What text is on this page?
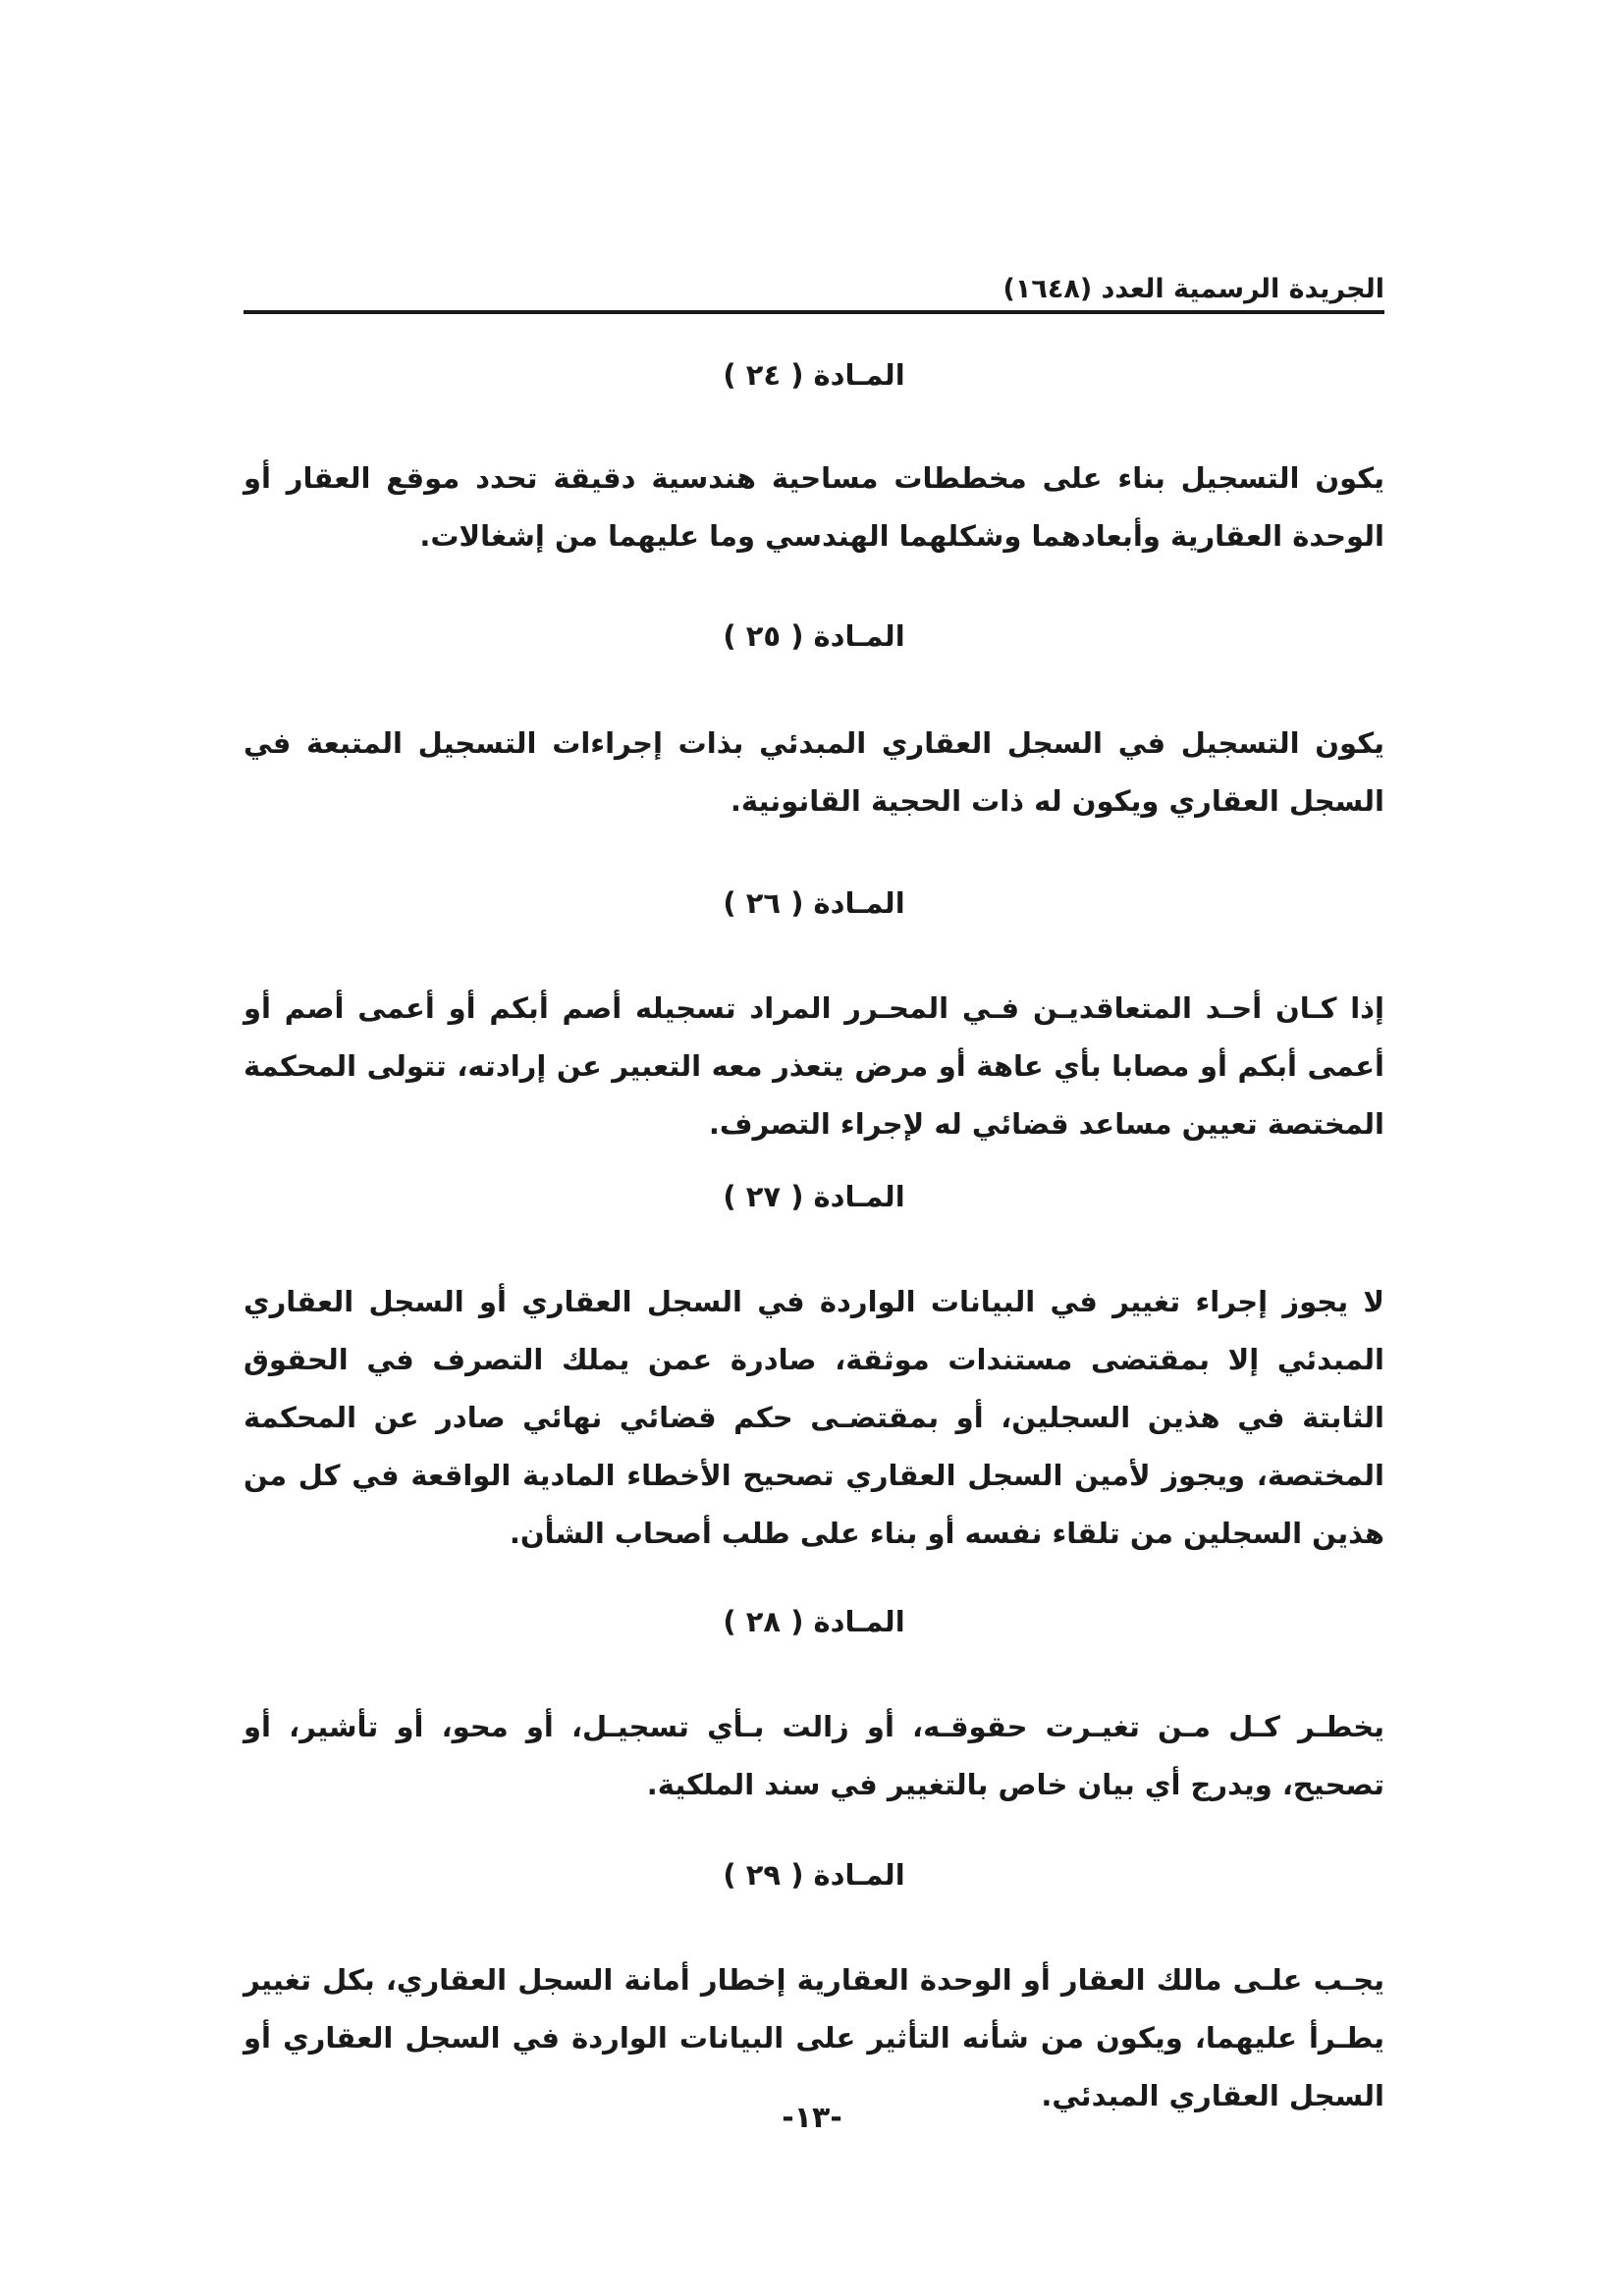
الجريدة الرسمية العدد (١٦٤٨)
المـادة ( ٢٤ )

يكون التسجيل بناء على مخططات مساحية هندسية دقيقة تحدد موقع العقار أو الوحدة العقارية وأبعادهما وشكلهما الهندسي وما عليهما من إشغالات.

المـادة ( ٢٥ )

يكون التسجيل في السجل العقاري المبدئي بذات إجراءات التسجيل المتبعة في السجل العقاري ويكون له ذات الحجية القانونية.

المـادة ( ٢٦ )

إذا كـان أحـد المتعاقديـن فـي المحـرر المراد تسجيله أصم أبكم أو أعمى أصم أو أعمى أبكم أو مصابا بأي عاهة أو مرض يتعذر معه التعبير عن إرادته، تتولى المحكمة المختصة تعيين مساعد قضائي له لإجراء التصرف.

المـادة ( ٢٧ )

لا يجوز إجراء تغيير في البيانات الواردة في السجل العقاري أو السجل العقاري المبدئي إلا بمقتضى مستندات موثقة، صادرة عمن يملك التصرف في الحقوق الثابتة في هذين السجلين، أو بمقتضـى حكم قضائي نهائي صادر عن المحكمة المختصة، ويجوز لأمين السجل العقاري تصحيح الأخطاء المادية الواقعة في كل من هذين السجلين من تلقاء نفسه أو بناء على طلب أصحاب الشأن.

المـادة ( ٢٨ )

يخطـر كـل مـن تغيـرت حقوقـه، أو زالت بـأي تسجيـل، أو محو، أو تأشير، أو تصحيح، ويدرج أي بيان خاص بالتغيير في سند الملكية.

المـادة ( ٢٩ )

يجـب علـى مالك العقار أو الوحدة العقارية إخطار أمانة السجل العقاري، بكل تغيير يطـرأ عليهما، ويكون من شأنه التأثير على البيانات الواردة في السجل العقاري أو السجل العقاري المبدئي.

-١٣-
